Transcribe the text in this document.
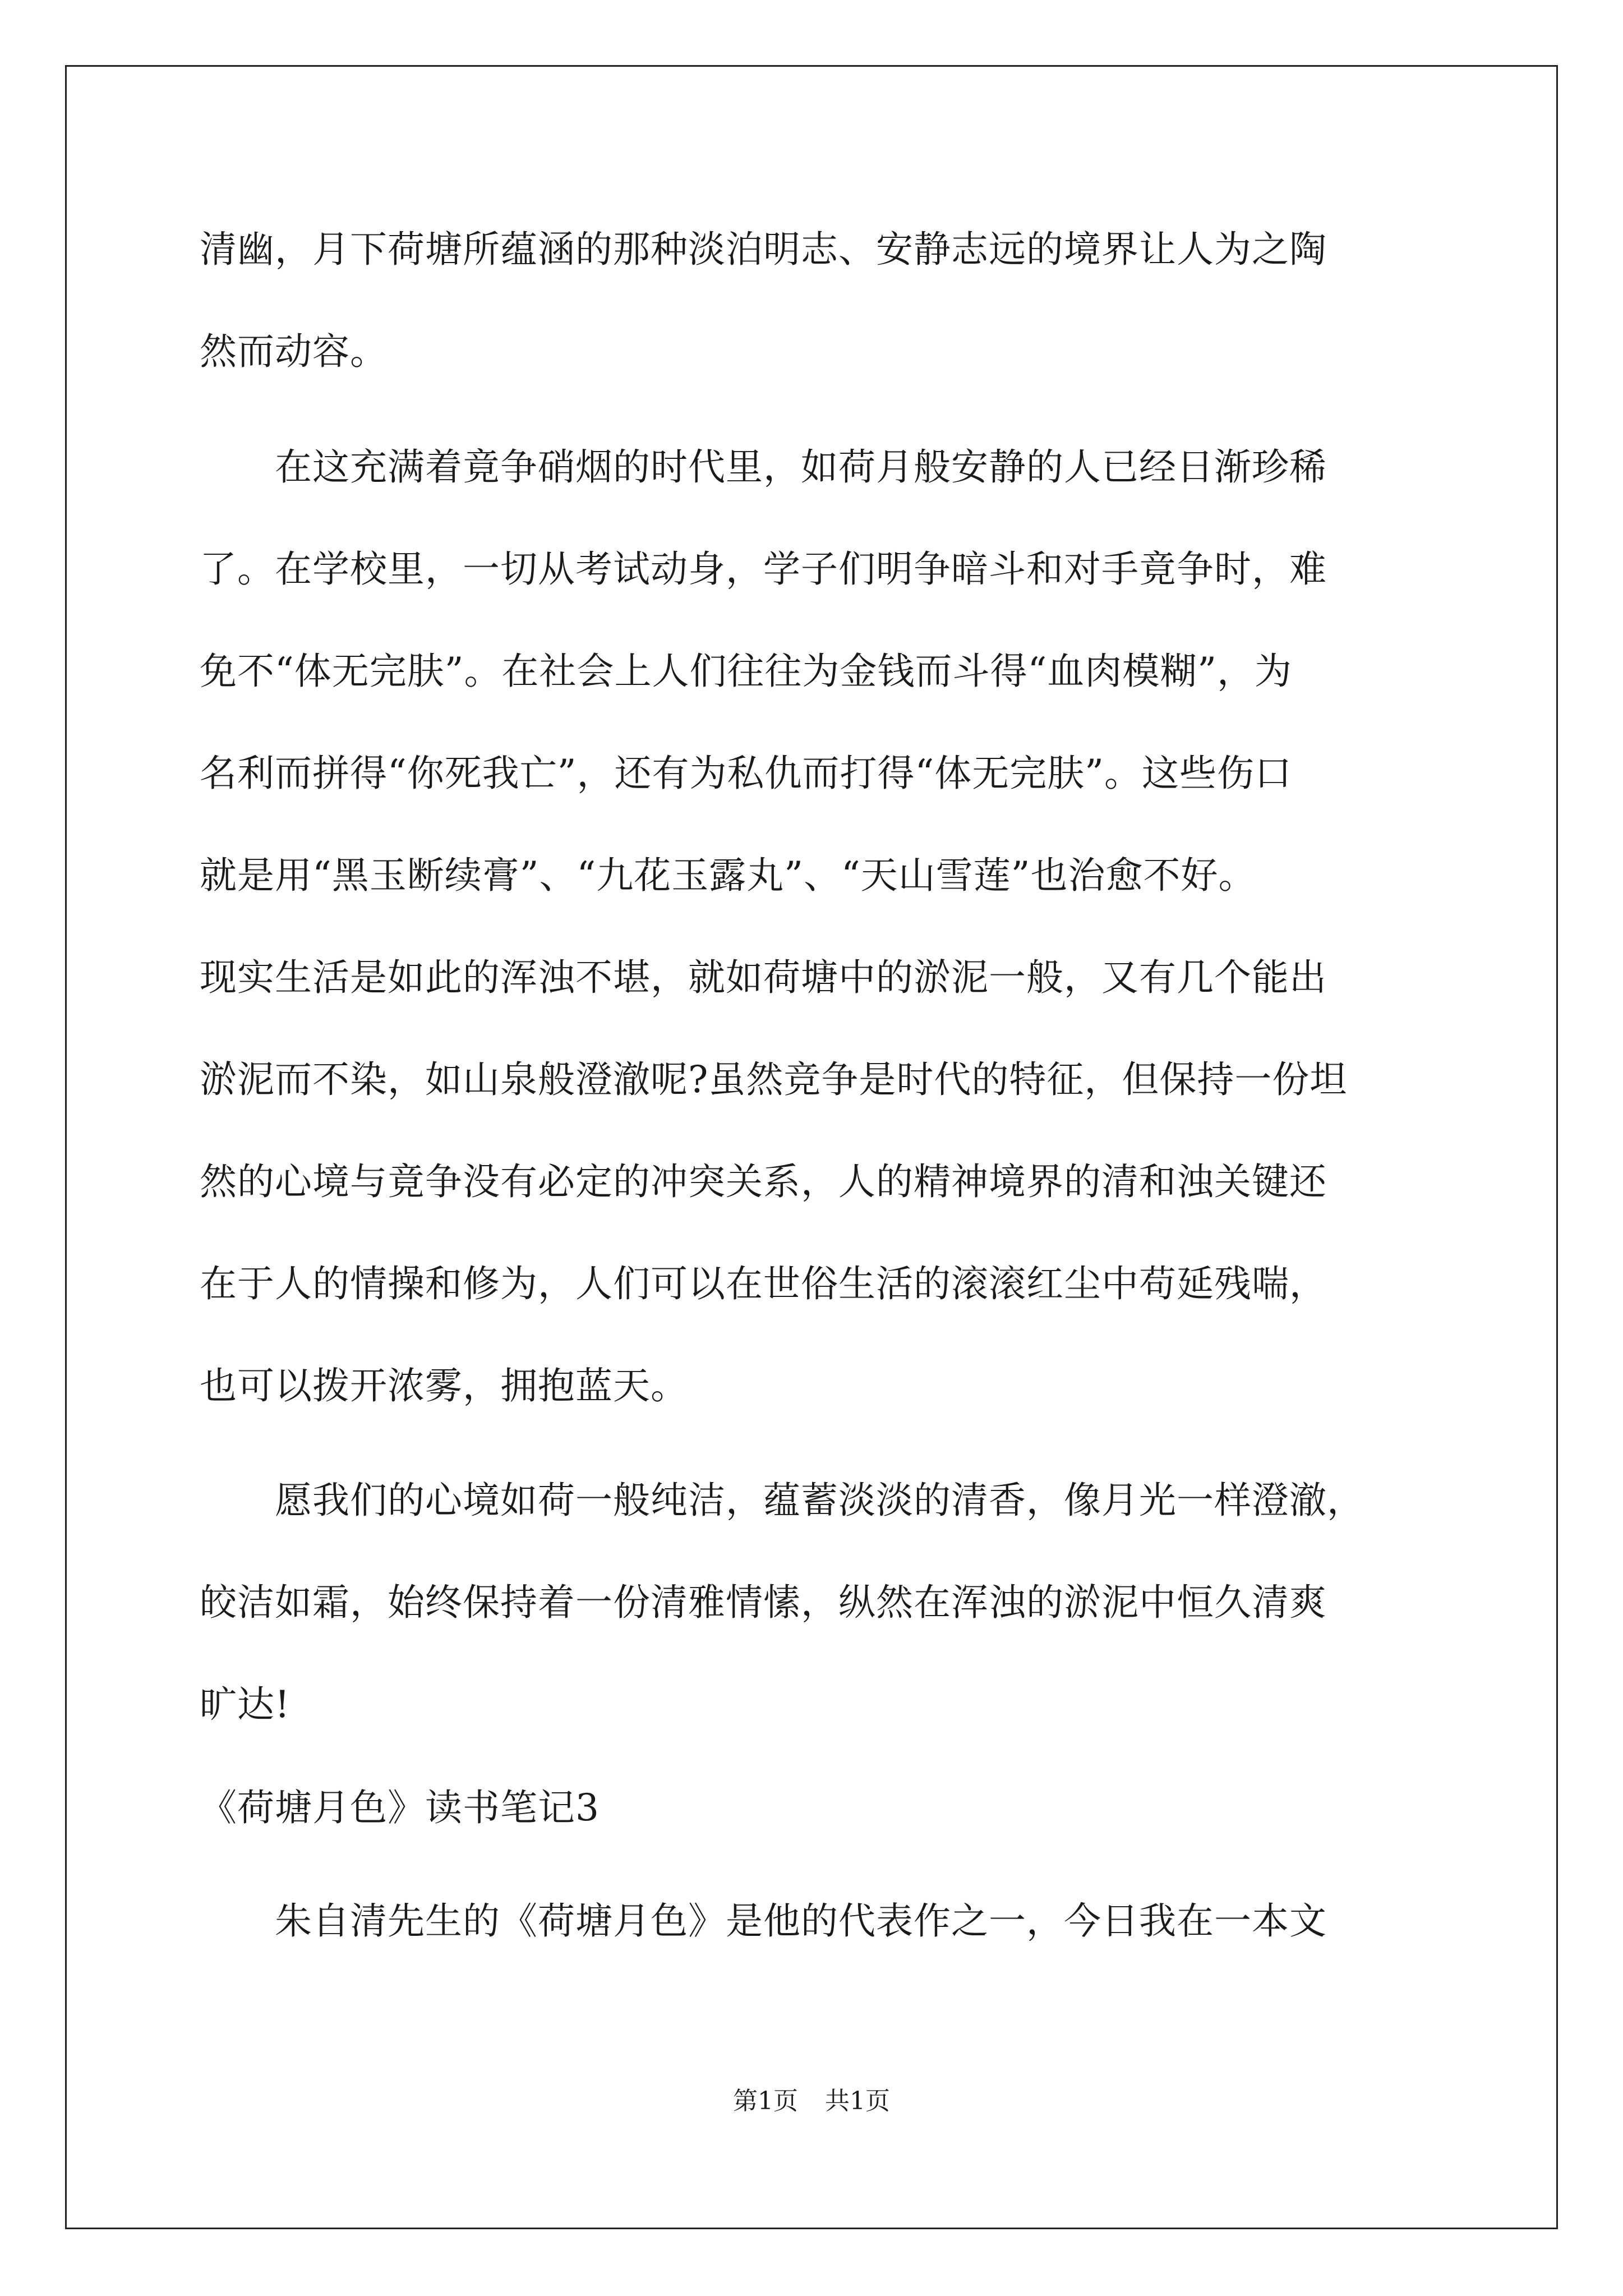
清幽，月下荷塘所蕴涵的那种淡泊明志、安静志远的境界让人为之陶
然而动容。
　　在这充满着竟争硝烟的时代里，如荷月般安静的人已经日渐珍稀
了。在学校里，一切从考试动身，学子们明争暗斗和对手竟争时，难
免不“体无完肤”。在社会上人们往往为金钱而斗得“血肉模糊”，为
名利而拼得“你死我亡”，还有为私仇而打得“体无完肤”。这些伤口
就是用“黑玉断续膏”、“九花玉露丸”、“天山雪莲”也治愈不好。
现实生活是如此的浑浊不堪，就如荷塘中的淤泥一般，又有几个能出
淤泥而不染，如山泉般澄澈呢?虽然竞争是时代的特征，但保持一份坦
然的心境与竟争没有必定的冲突关系，人的精神境界的清和浊关键还
在于人的情操和修为，人们可以在世俗生活的滚滚红尘中苟延残喘，
也可以拨开浓雾，拥抱蓝天。
　　愿我们的心境如荷一般纯洁，蕴蓄淡淡的清香，像月光一样澄澈，
皎洁如霜，始终保持着一份清雅情愫，纵然在浑浊的淤泥中恒久清爽
旷达!
《荷塘月色》读书笔记3
　　朱自清先生的《荷塘月色》是他的代表作之一，今日我在一本文
第1页 共1页
